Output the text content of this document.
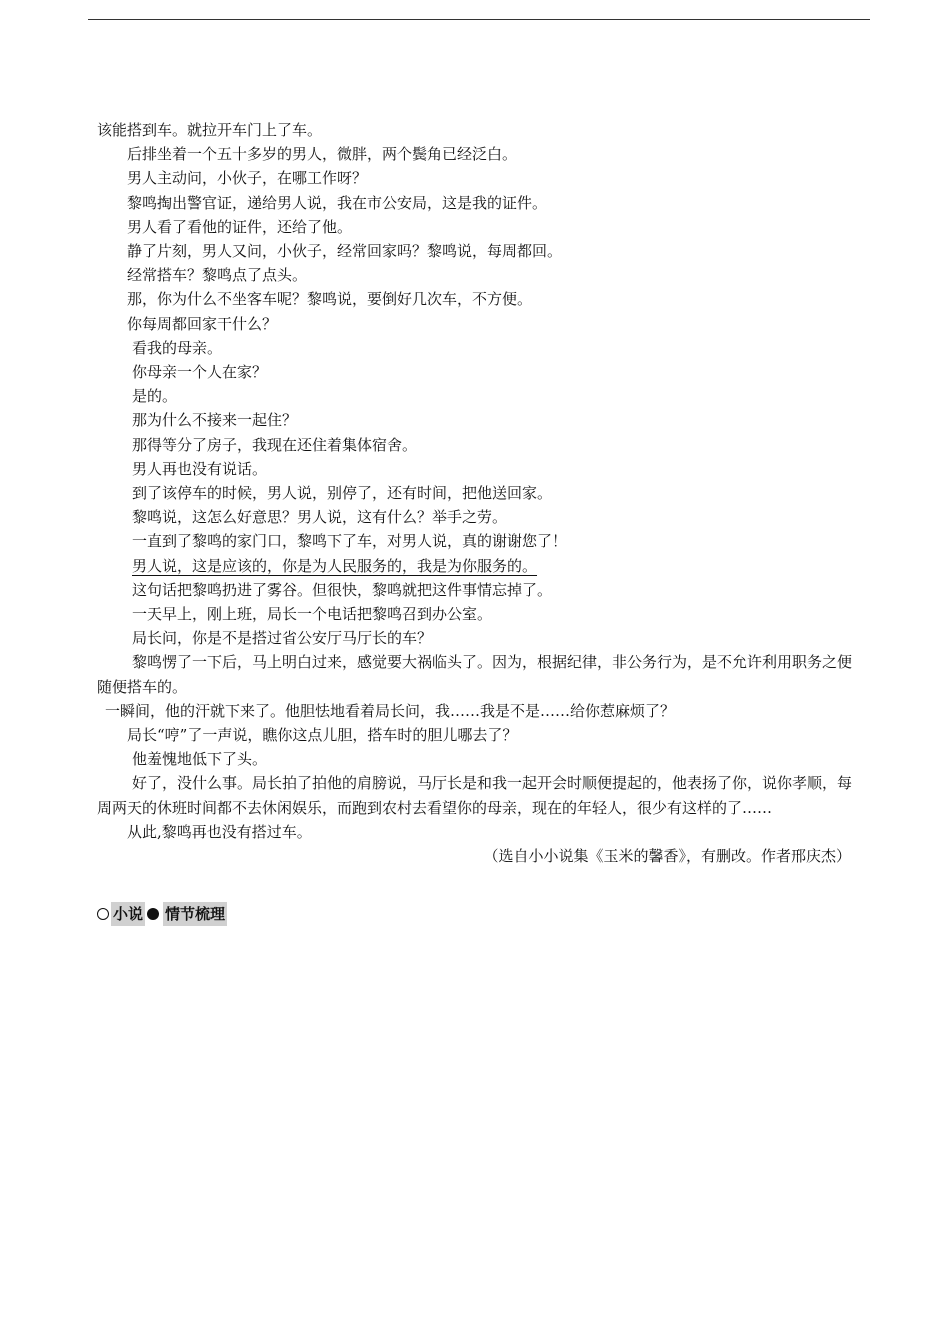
该能搭到车。就拉开车门上了车。

后排坐着一个五十多岁的男人，微胖，两个鬓角已经泛白。

男人主动问，小伙子，在哪工作呀？

黎鸣掏出警官证，递给男人说，我在市公安局，这是我的证件。

男人看了看他的证件，还给了他。

静了片刻，男人又问，小伙子，经常回家吗？黎鸣说，每周都回。

经常搭车？黎鸣点了点头。

那，你为什么不坐客车呢？黎鸣说，要倒好几次车，不方便。

你每周都回家干什么？

看我的母亲。

你母亲一个人在家？

是的。

那为什么不接来一起住？

那得等分了房子，我现在还住着集体宿舍。

男人再也没有说话。

到了该停车的时候，男人说，别停了，还有时间，把他送回家。

黎鸣说，这怎么好意思？男人说，这有什么？举手之劳。

一直到了黎鸣的家门口，黎鸣下了车，对男人说，真的谢谢您了！

男人说，这是应该的，你是为人民服务的，我是为你服务的。

这句话把黎鸣扔进了雾谷。但很快，黎鸣就把这件事情忘掉了。

一天早上，刚上班，局长一个电话把黎鸣召到办公室。

局长问，你是不是搭过省公安厅马厅长的车？

黎鸣愣了一下后，马上明白过来，感觉要大祸临头了。因为，根据纪律，非公务行为，是不允许利用职务之便随便搭车的。

一瞬间，他的汗就下来了。他胆怯地看着局长问，我……我是不是……给你惹麻烦了？

局长“哼”了一声说，瞧你这点儿胆，搭车时的胆儿哪去了？

他羞愧地低下了头。

好了，没什么事。局长拍了拍他的肩膀说，马厅长是和我一起开会时顺便提起的，他表扬了你，说你孝顺，每周两天的休班时间都不去休闲娱乐，而跑到农村去看望你的母亲，现在的年轻人，很少有这样的了……

从此,黎鸣再也没有搭过车。

（选自小小说集《玉米的馨香》，有删改。作者邢庆杰）

小说 情节梳理
